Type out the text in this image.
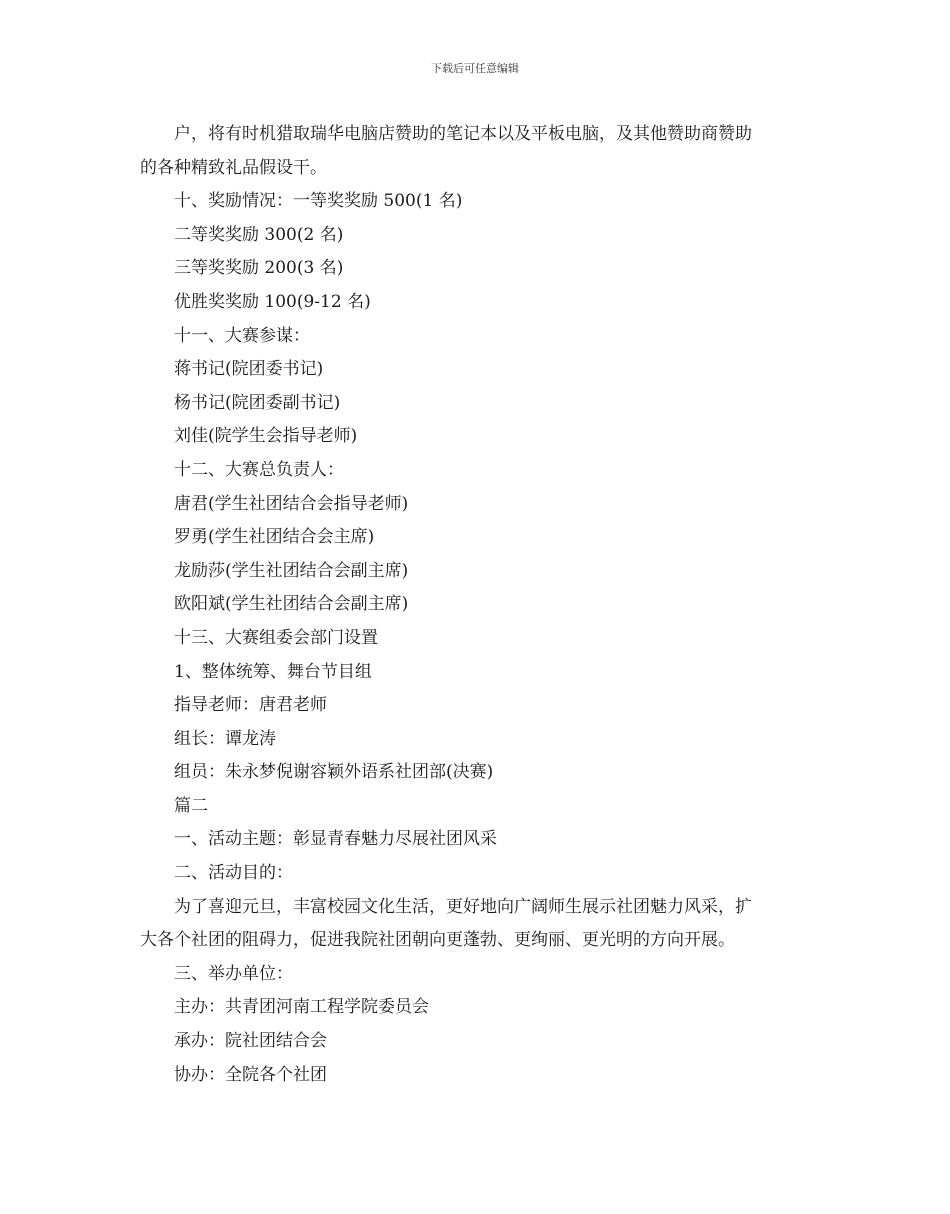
下载后可任意编辑
户，将有时机猎取瑞华电脑店赞助的笔记本以及平板电脑，及其他赞助商赞助
的各种精致礼品假设干。
十、奖励情况：一等奖奖励 500(1 名)
二等奖奖励 300(2 名)
三等奖奖励 200(3 名)
优胜奖奖励 100(9-12 名)
十一、大赛参谋：
蒋书记(院团委书记)
杨书记(院团委副书记)
刘佳(院学生会指导老师)
十二、大赛总负责人：
唐君(学生社团结合会指导老师)
罗勇(学生社团结合会主席)
龙励莎(学生社团结合会副主席)
欧阳斌(学生社团结合会副主席)
十三、大赛组委会部门设置
1、整体统筹、舞台节目组
指导老师：唐君老师
组长：谭龙涛
组员：朱永梦倪谢容颖外语系社团部(决赛)
篇二
一、活动主题：彰显青春魅力尽展社团风采
二、活动目的：
为了喜迎元旦，丰富校园文化生活，更好地向广阔师生展示社团魅力风采，扩
大各个社团的阻碍力，促进我院社团朝向更蓬勃、更绚丽、更光明的方向开展。
三、举办单位：
主办：共青团河南工程学院委员会
承办：院社团结合会
协办：全院各个社团
